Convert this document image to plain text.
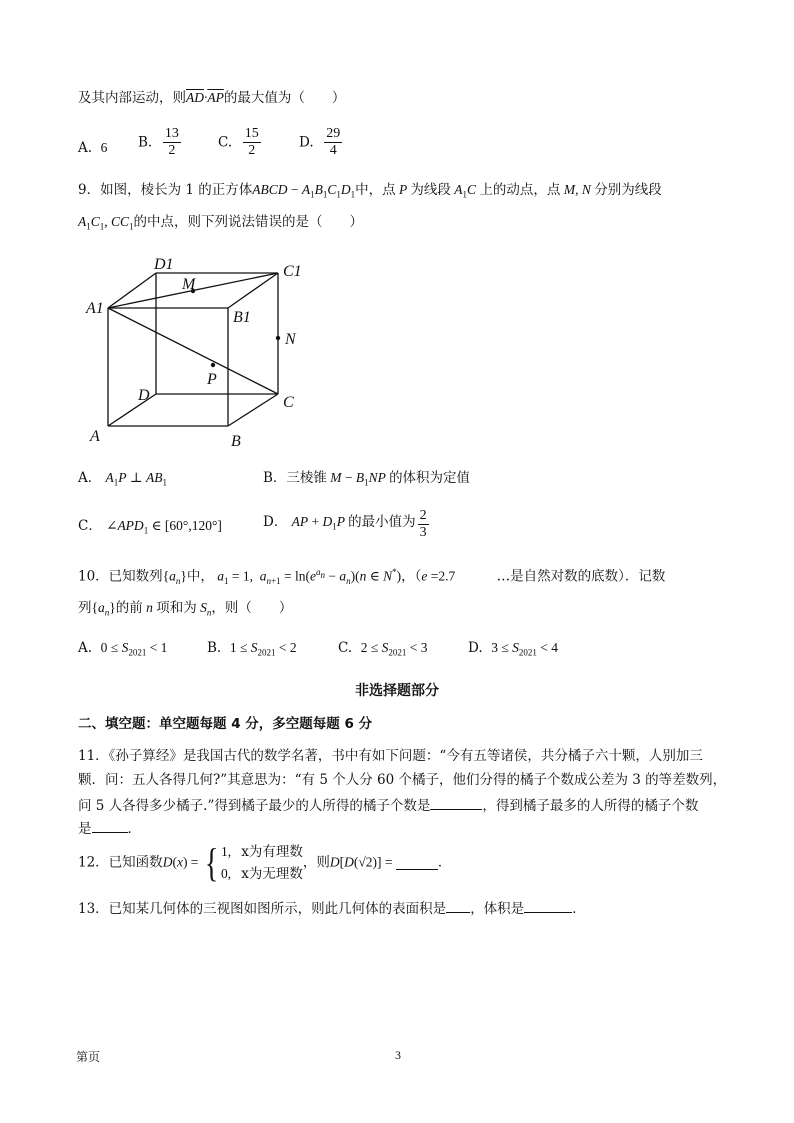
及其内部运动，则$\overline{AD}\cdot\overline{AP}$的最大值为（　　）
A. 6 B. $\frac{13}{2}$	C. $\frac{15}{2}$	D. $\frac{29}{4}$
9．如图，棱长为 1 的正方体ABCD − $A_1B_1C_1D_1$中，点 P 为线段 $A_1C$ 上的动点，点 M, N 分别为线段
$A_1C_1$, $CC_1$的中点，则下列说法错误的是（　　）
D1	C1
M
A1
B1
N
P
D	C
A	B
A． $A_1P$ ⊥ $AB_1$	B．三棱锥 $M - B_1NP$ 的体积为定值
C． $\angle APD_1$ ∈ [60°,120°]	D． AP + $D_1P$ 的最小值为 $\frac{2}{3}$
10．已知数列$\{a_n\}$中， $a_1 = 1$,  $a_{n+1} = \ln(e^{a_n} - a_n)(n$ ∈ N*)，（e =2.7	…是自然对数的底数）．记数
列$\{a_n\}$的前 n 项和为 $S_n$，则（　　）
A. $0 \le S_{2021} < 1$	B. $1 \le S_{2021} < 2$	C. $2 \le S_{2021} < 3$	D. $3 \le S_{2021} < 4$
非选择题部分
二、填空题：单空题每题 4 分，多空题每题 6 分
11．《孙子算经》是我国古代的数学名著，书中有如下问题：“今有五等诸侯，共分橘子六十颗，人别加三
颗．问：五人各得几何?”其意思为：“有 5 个人分 60 个橘子，他们分得的橘子个数成公差为 3 的等差数列，
问 5 人各得多少橘子.”得到橘子最少的人所得的橘子个数是	，得到橘子最多的人所得的橘子个数
是	．
12．已知函数D(x) = { 1,   x为有理数
0,   x为无理数
，则D[D(√2)] =	．
13．已知某几何体的三视图如图所示，则此几何体的表面积是 ，体积是	．
第页	3
